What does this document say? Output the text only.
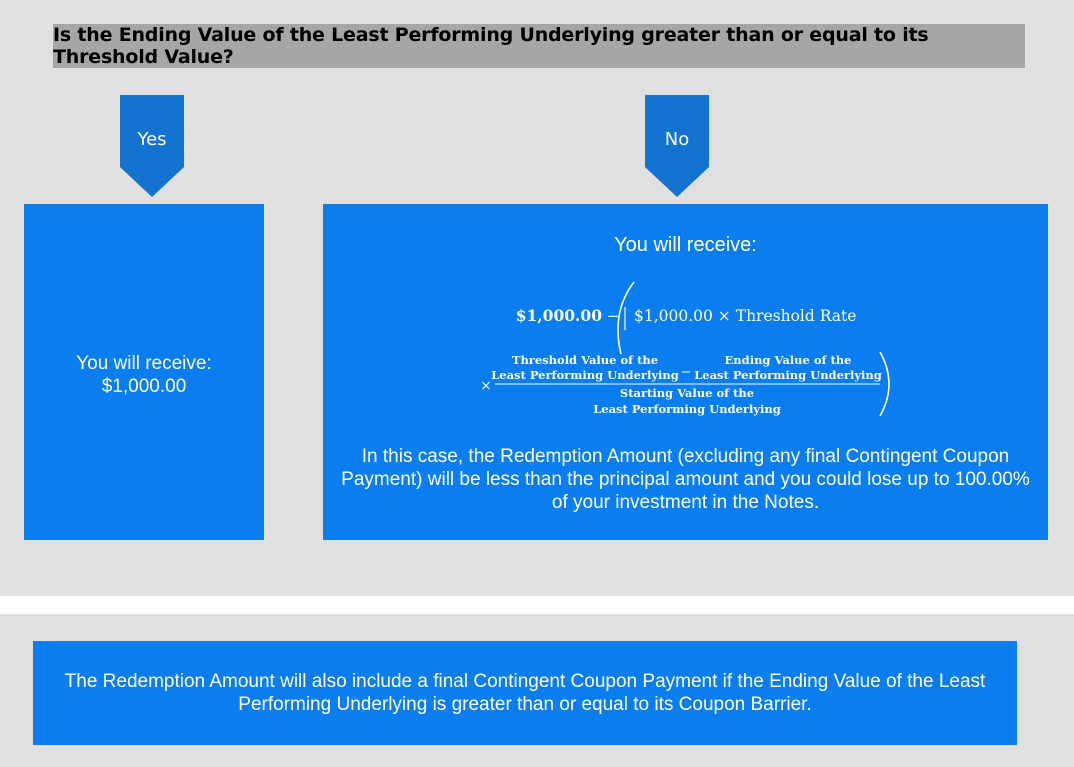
Is the Ending Value of the Least Performing Underlying greater than or equal to its Threshold Value?
Yes	No
You will receive:
$1,000.00
You will receive:
$1,000.00 − $1,000.00 × Threshold Rate
×
Threshold Value of the
Least Performing Underlying −
Ending Value of the
Least Performing Underlying
Starting Value of the
Least Performing Underlying
In this case, the Redemption Amount (excluding any final Contingent Coupon Payment) will be less than the principal amount and you could lose up to 100.00% of your investment in the Notes.
The Redemption Amount will also include a final Contingent Coupon Payment if the Ending Value of the Least Performing Underlying is greater than or equal to its Coupon Barrier.
